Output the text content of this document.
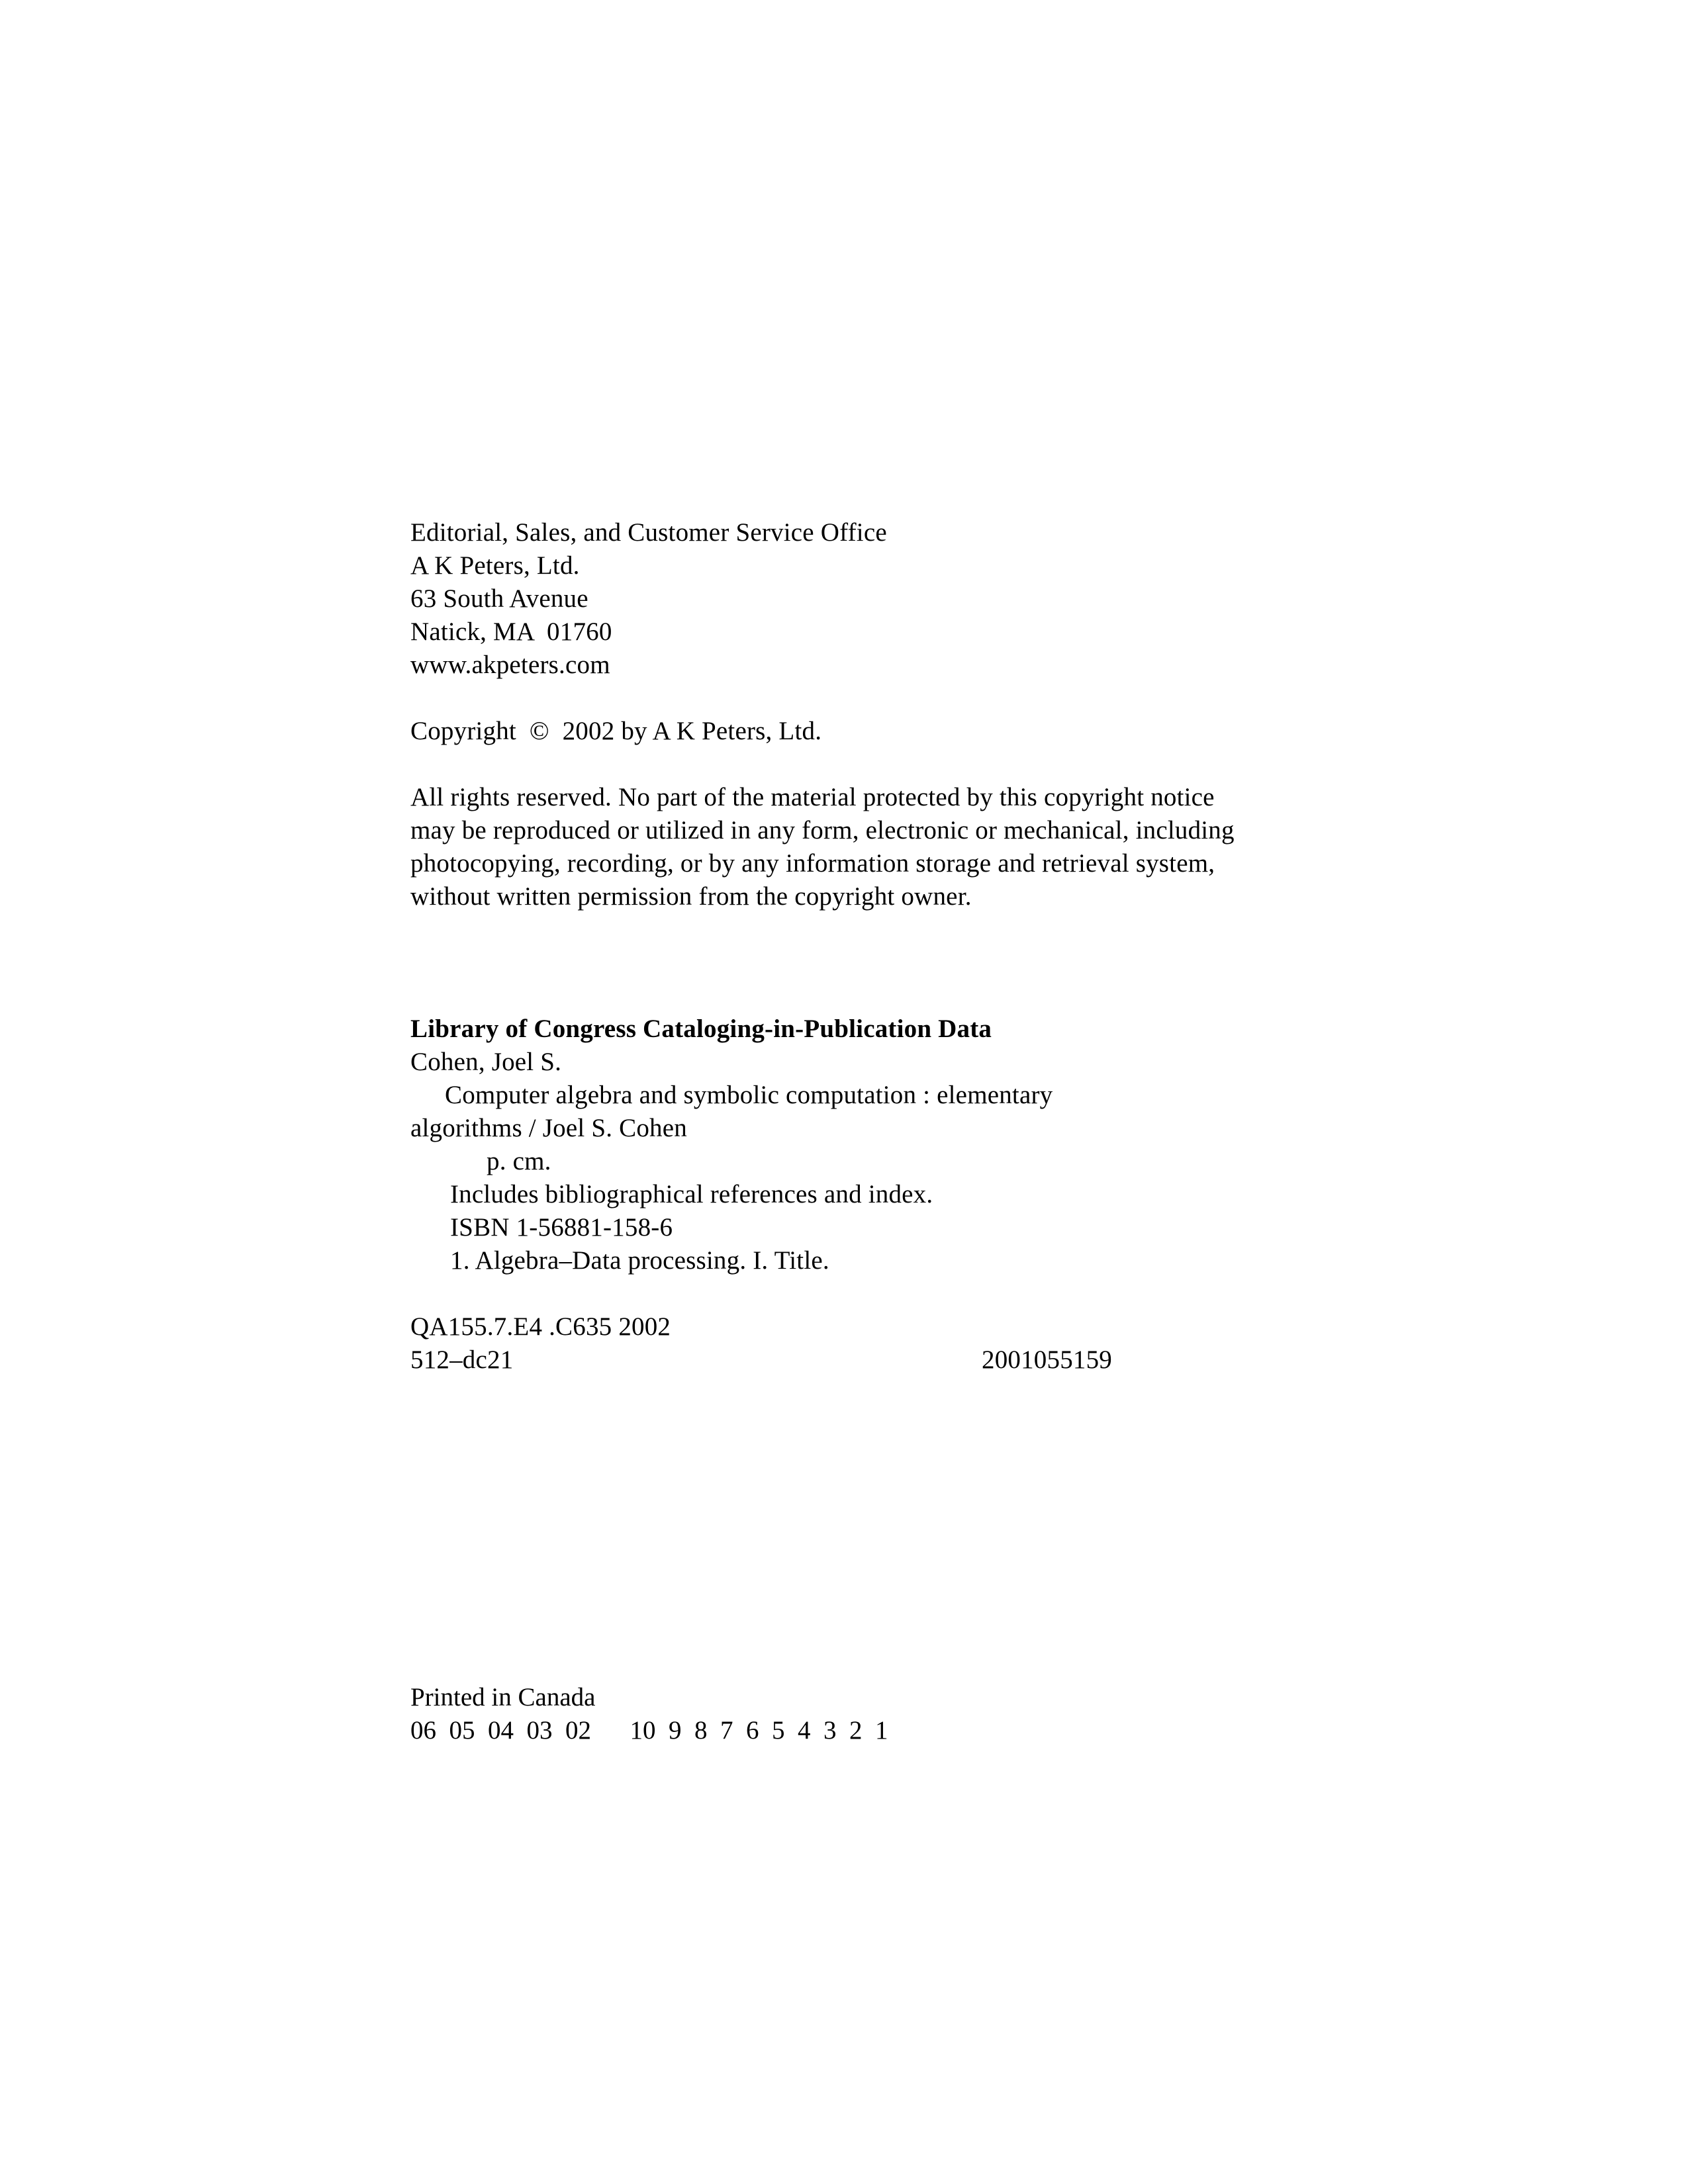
Editorial, Sales, and Customer Service Office
A K Peters, Ltd.
63 South Avenue
Natick, MA  01760
www.akpeters.com
Copyright  ©  2002 by A K Peters, Ltd.
All rights reserved. No part of the material protected by this copyright notice
may be reproduced or utilized in any form, electronic or mechanical, including
photocopying, recording, or by any information storage and retrieval system,
without written permission from the copyright owner.
Library of Congress Cataloging-in-Publication Data
Cohen, Joel S.
Computer algebra and symbolic computation : elementary
algorithms / Joel S. Cohen
p. cm.
Includes bibliographical references and index.
ISBN 1-56881-158-6
1. Algebra–Data processing. I. Title.
QA155.7.E4 .C635 2002
512–dc21	2001055159
Printed in Canada
06  05  04  03  02      10  9  8  7  6  5  4  3  2  1
